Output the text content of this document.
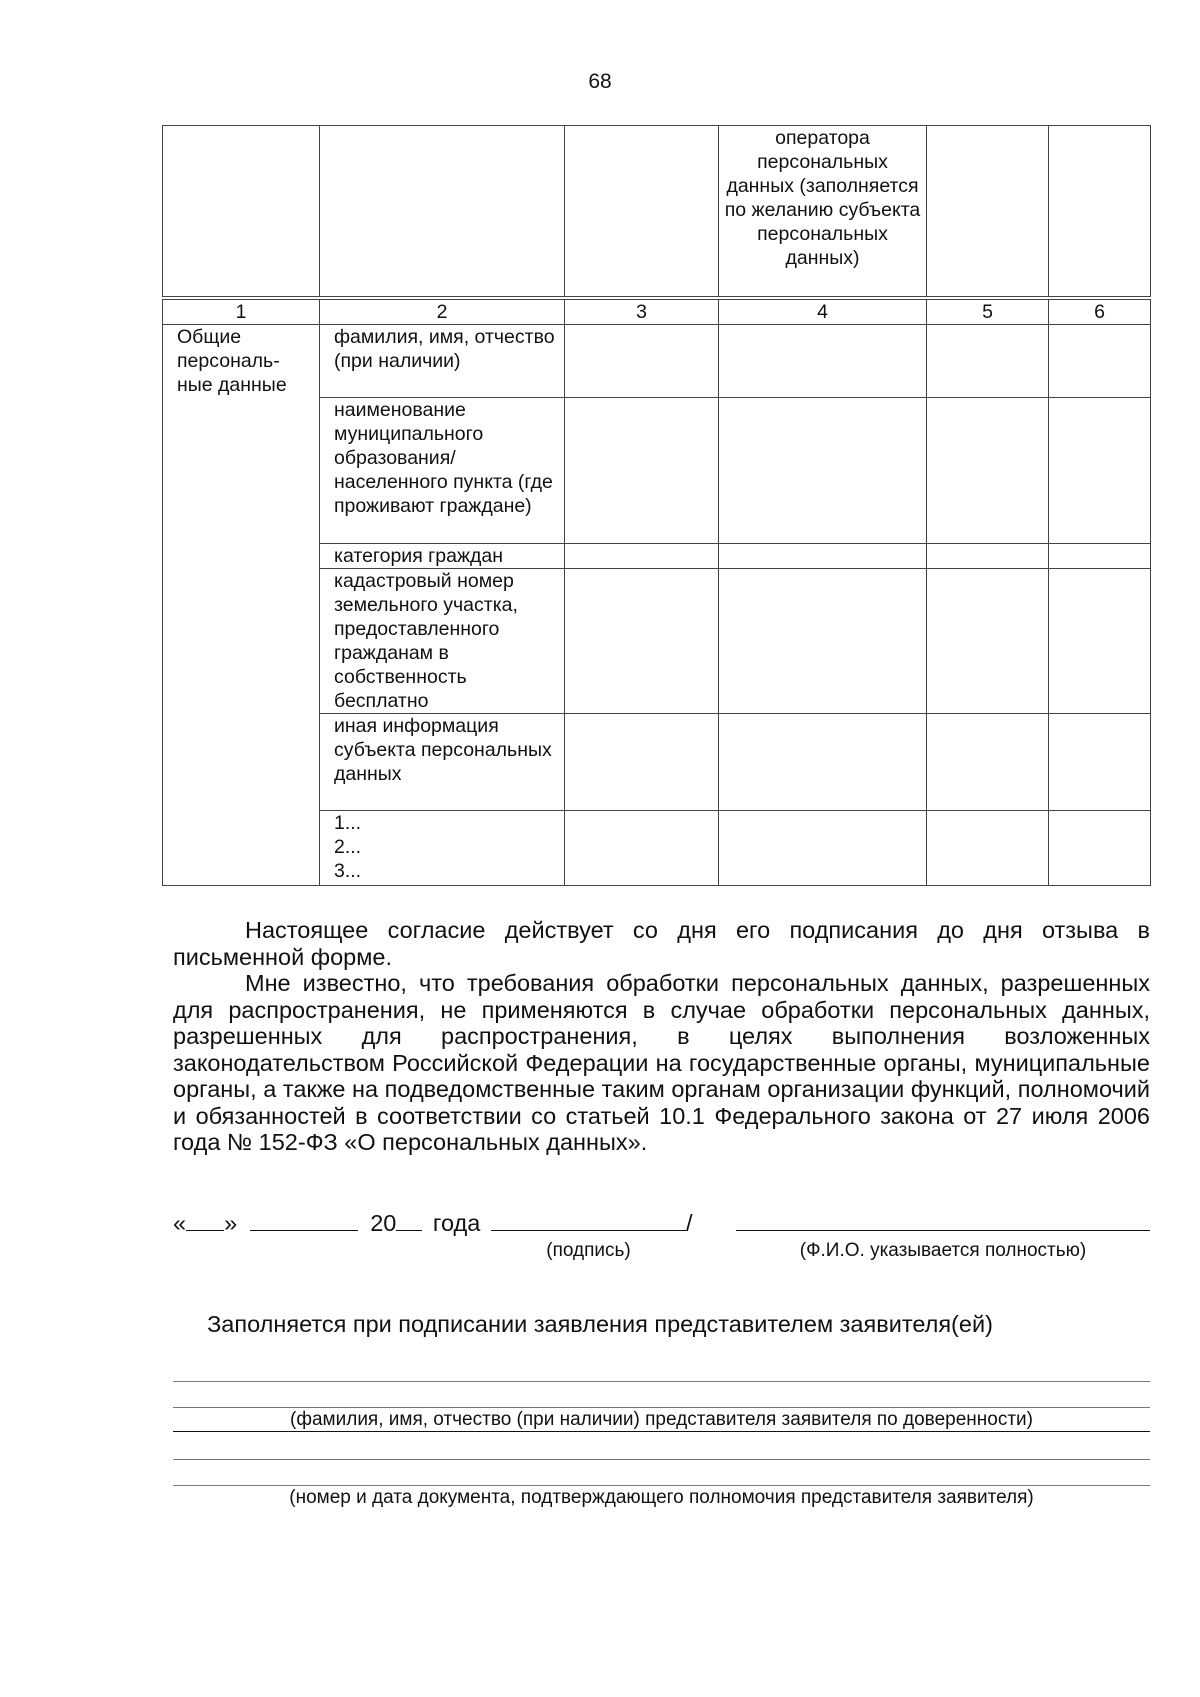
68
			оператора персональных данных (заполняется по желанию субъекта персональных данных)		
1	2	3	4	5	6
Общие персональ-ные данные	фамилия, имя, отчество (при наличии)				
	наименование муниципального образования/ населенного пункта (где проживают граждане)				
	категория граждан				
	кадастровый номер земельного участка, предоставленного гражданам в собственность бесплатно				
	иная информация субъекта персональных данных				

	1...
2...
3...				

Настоящее согласие действует со дня его подписания до дня отзыва в письменной форме.

Мне известно, что требования обработки персональных данных, разрешенных для распространения, не применяются в случае обработки персональных данных, разрешенных для распространения, в целях выполнения возложенных законодательством Российской Федерации на государственные органы, муниципальные органы, а также на подведомственные таким органам организации функций, полномочий и обязанностей в соответствии со статьей 10.1 Федерального закона от 27 июля 2006 года № 152-ФЗ «О персональных данных».

« »	20 года	/
(подпись)	(Ф.И.О. указывается полностью)
Заполняется при подписании заявления представителем заявителя(ей)
(фамилия, имя, отчество (при наличии) представителя заявителя по доверенности)
(номер и дата документа, подтверждающего полномочия представителя заявителя)
